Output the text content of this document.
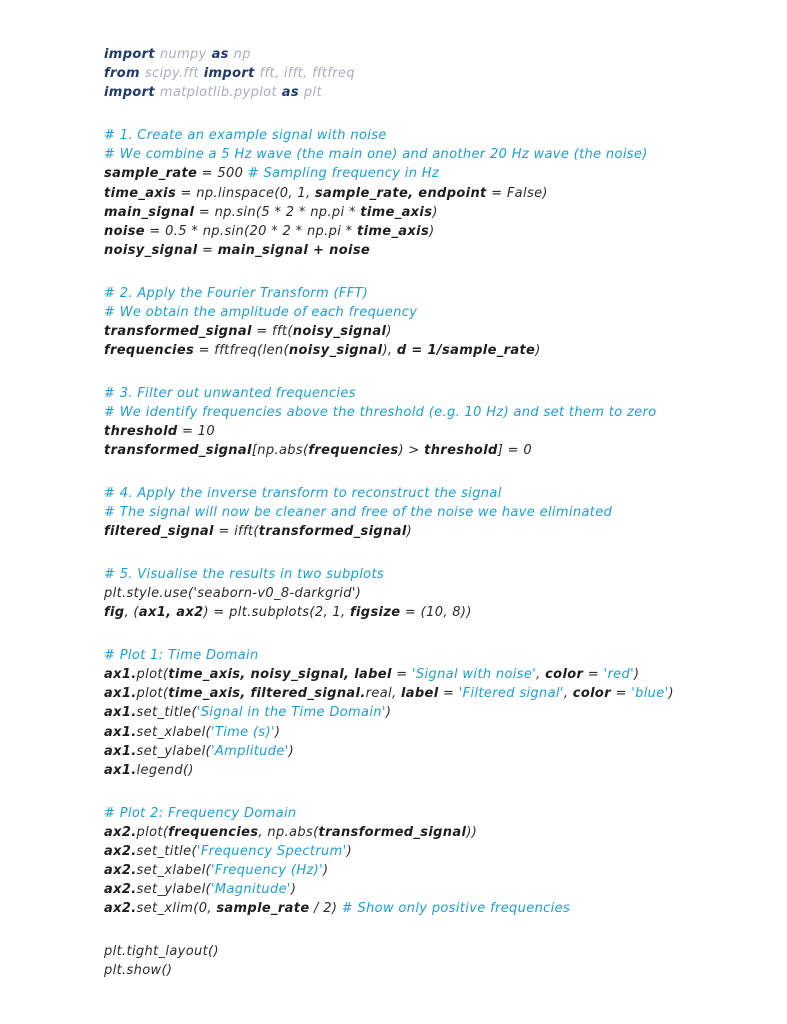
import numpy as np
from scipy.fft import fft, ifft, fftfreq
import matplotlib.pyplot as plt
# 1. Create an example signal with noise
# We combine a 5 Hz wave (the main one) and another 20 Hz wave (the noise)
sample_rate = 500 # Sampling frequency in Hz
time_axis = np.linspace(0, 1, sample_rate, endpoint = False)
main_signal = np.sin(5 * 2 * np.pi * time_axis)
noise = 0.5 * np.sin(20 * 2 * np.pi * time_axis)
noisy_signal = main_signal + noise
# 2. Apply the Fourier Transform (FFT)
# We obtain the amplitude of each frequency
transformed_signal = fft(noisy_signal)
frequencies = fftfreq(len(noisy_signal), d = 1/sample_rate)
# 3. Filter out unwanted frequencies
# We identify frequencies above the threshold (e.g. 10 Hz) and set them to zero
threshold = 10
transformed_signal[np.abs(frequencies) > threshold] = 0
# 4. Apply the inverse transform to reconstruct the signal
# The signal will now be cleaner and free of the noise we have eliminated
filtered_signal = ifft(transformed_signal)
# 5. Visualise the results in two subplots
plt.style.use('seaborn-v0_8-darkgrid')
fig, (ax1, ax2) = plt.subplots(2, 1, figsize = (10, 8))
# Plot 1: Time Domain
ax1.plot(time_axis, noisy_signal, label = 'Signal with noise', color = 'red')
ax1.plot(time_axis, filtered_signal.real, label = 'Filtered signal', color = 'blue')
ax1.set_title('Signal in the Time Domain')
ax1.set_xlabel('Time (s)')
ax1.set_ylabel('Amplitude')
ax1.legend()
# Plot 2: Frequency Domain
ax2.plot(frequencies, np.abs(transformed_signal))
ax2.set_title('Frequency Spectrum')
ax2.set_xlabel('Frequency (Hz)')
ax2.set_ylabel('Magnitude')
ax2.set_xlim(0, sample_rate / 2) # Show only positive frequencies
plt.tight_layout()
plt.show()
